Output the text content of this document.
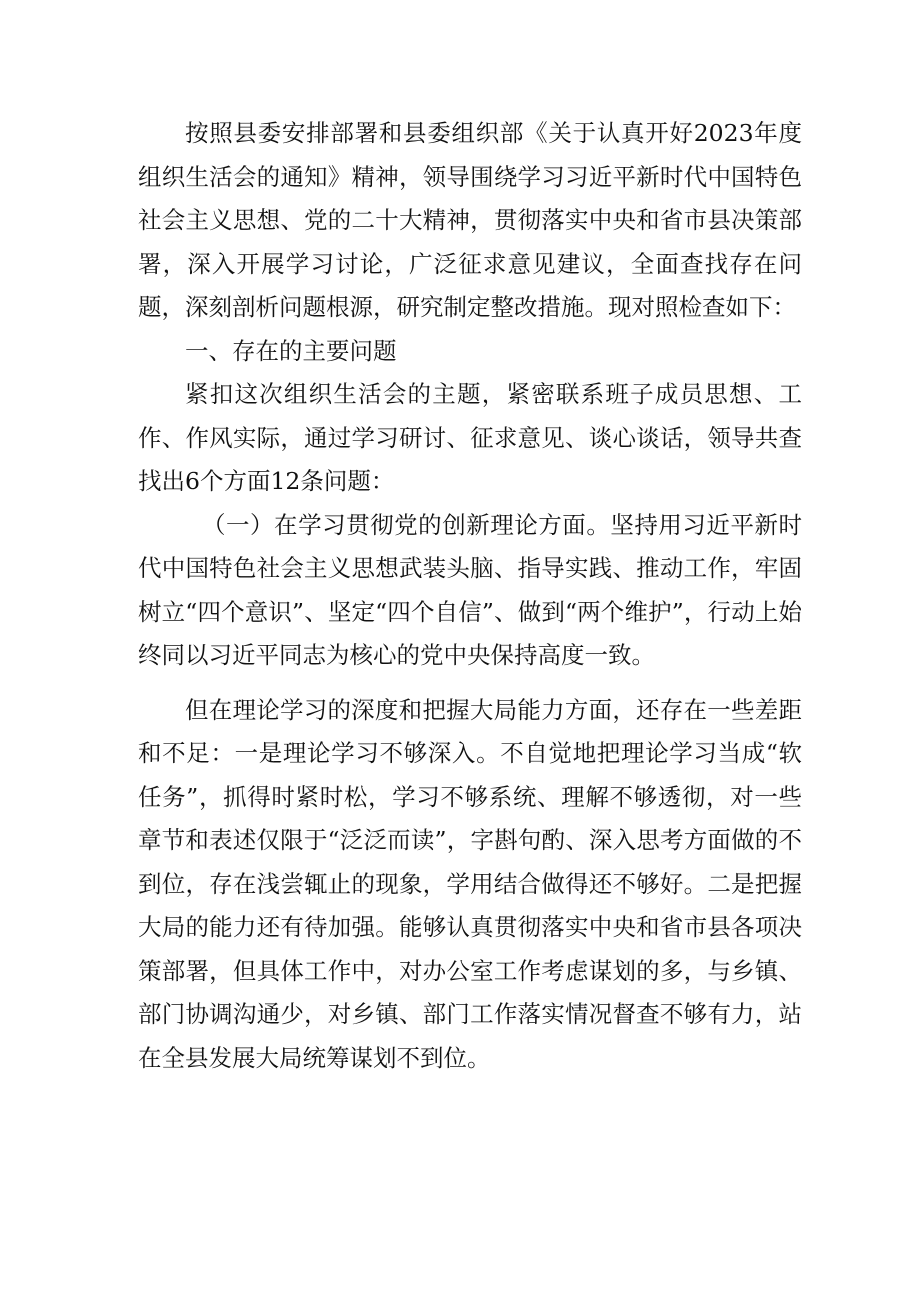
按照县委安排部署和县委组织部《关于认真开好2023年度组织生活会的通知》精神，领导围绕学习习近平新时代中国特色社会主义思想、党的二十大精神，贯彻落实中央和省市县决策部署，深入开展学习讨论，广泛征求意见建议，全面查找存在问题，深刻剖析问题根源，研究制定整改措施。现对照检查如下：

一、存在的主要问题

紧扣这次组织生活会的主题，紧密联系班子成员思想、工作、作风实际，通过学习研讨、征求意见、谈心谈话，领导共查找出6个方面12条问题：

（一）在学习贯彻党的创新理论方面。坚持用习近平新时代中国特色社会主义思想武装头脑、指导实践、推动工作，牢固树立“四个意识”、坚定“四个自信”、做到“两个维护”，行动上始终同以习近平同志为核心的党中央保持高度一致。

但在理论学习的深度和把握大局能力方面，还存在一些差距和不足：一是理论学习不够深入。不自觉地把理论学习当成“软任务”，抓得时紧时松，学习不够系统、理解不够透彻，对一些章节和表述仅限于“泛泛而读”，字斟句酌、深入思考方面做的不到位，存在浅尝辄止的现象，学用结合做得还不够好。二是把握大局的能力还有待加强。能够认真贯彻落实中央和省市县各项决策部署，但具体工作中，对办公室工作考虑谋划的多，与乡镇、部门协调沟通少，对乡镇、部门工作落实情况督查不够有力，站在全县发展大局统筹谋划不到位。
